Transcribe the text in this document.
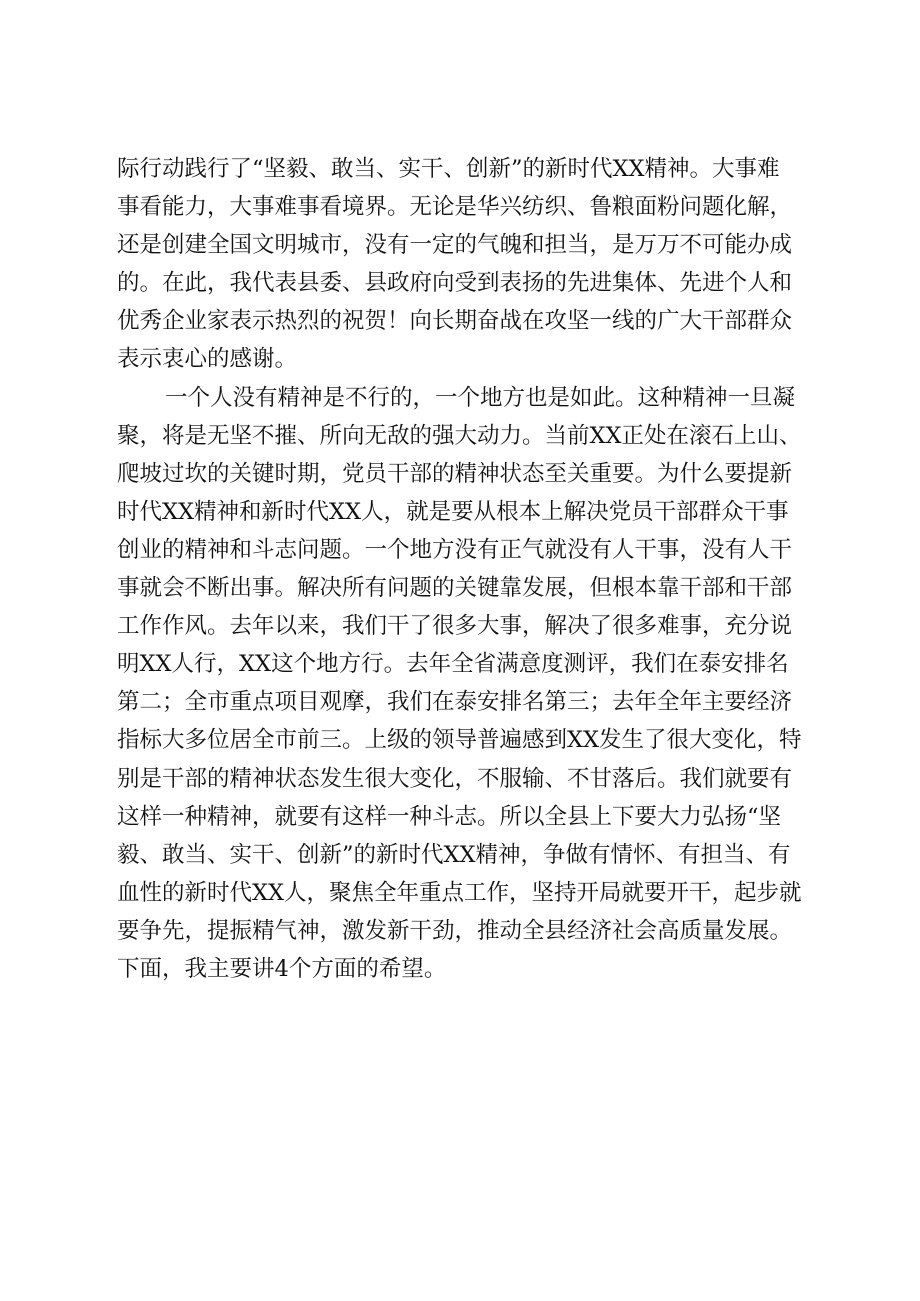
际行动践行了“坚毅、敢当、实干、创新”的新时代XX精神。大事难
事看能力，大事难事看境界。无论是华兴纺织、鲁粮面粉问题化解，
还是创建全国文明城市，没有一定的气魄和担当，是万万不可能办成
的。在此，我代表县委、县政府向受到表扬的先进集体、先进个人和
优秀企业家表示热烈的祝贺！向长期奋战在攻坚一线的广大干部群众
表示衷心的感谢。
一个人没有精神是不行的，一个地方也是如此。这种精神一旦凝
聚，将是无坚不摧、所向无敌的强大动力。当前XX正处在滚石上山、
爬坡过坎的关键时期，党员干部的精神状态至关重要。为什么要提新
时代XX精神和新时代XX人，就是要从根本上解决党员干部群众干事
创业的精神和斗志问题。一个地方没有正气就没有人干事，没有人干
事就会不断出事。解决所有问题的关键靠发展，但根本靠干部和干部
工作作风。去年以来，我们干了很多大事，解决了很多难事，充分说
明XX人行，XX这个地方行。去年全省满意度测评，我们在泰安排名
第二；全市重点项目观摩，我们在泰安排名第三；去年全年主要经济
指标大多位居全市前三。上级的领导普遍感到XX发生了很大变化，特
别是干部的精神状态发生很大变化，不服输、不甘落后。我们就要有
这样一种精神，就要有这样一种斗志。所以全县上下要大力弘扬“坚
毅、敢当、实干、创新”的新时代XX精神，争做有情怀、有担当、有
血性的新时代XX人，聚焦全年重点工作，坚持开局就要开干，起步就
要争先，提振精气神，激发新干劲，推动全县经济社会高质量发展。
下面，我主要讲4个方面的希望。
